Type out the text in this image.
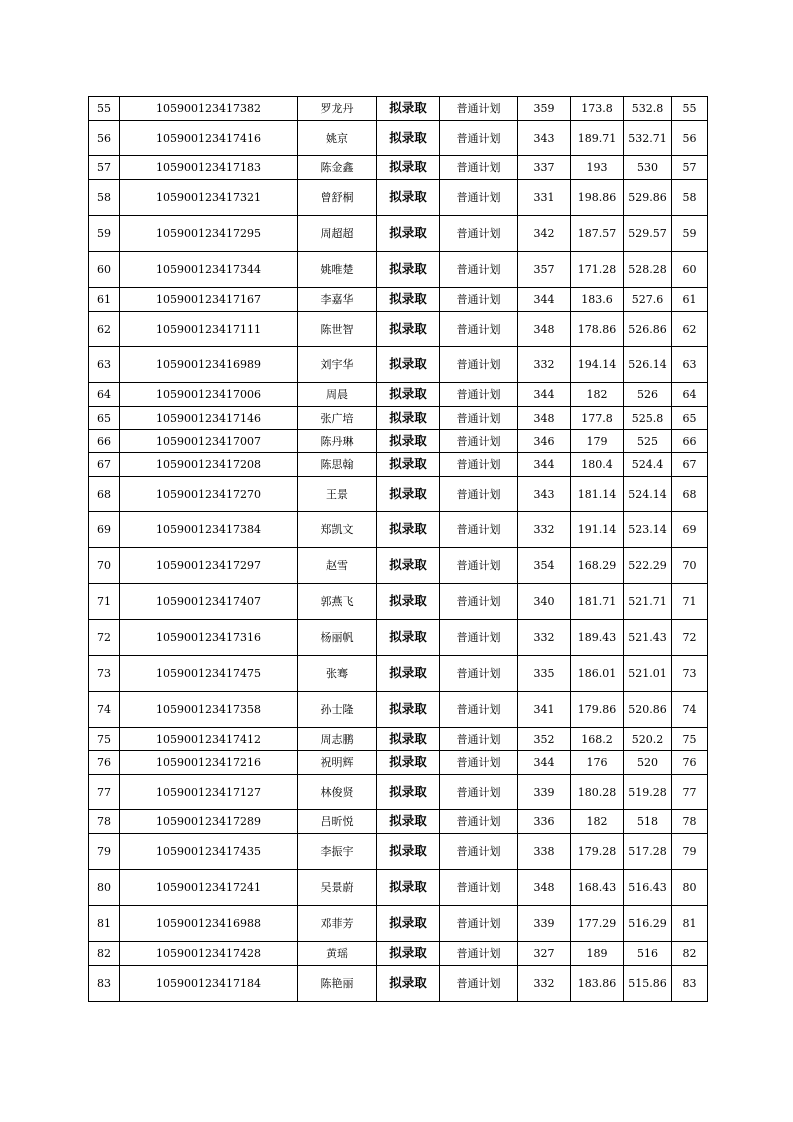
55	105900123417382	罗龙丹	拟录取	普通计划	359	173.8	532.8	55
56	105900123417416	姚京	拟录取	普通计划	343	189.71	532.71	56
57	105900123417183	陈金鑫	拟录取	普通计划	337	193	530	57
58	105900123417321	曾舒桐	拟录取	普通计划	331	198.86	529.86	58
59	105900123417295	周超超	拟录取	普通计划	342	187.57	529.57	59
60	105900123417344	姚唯楚	拟录取	普通计划	357	171.28	528.28	60
61	105900123417167	李嘉华	拟录取	普通计划	344	183.6	527.6	61
62	105900123417111	陈世智	拟录取	普通计划	348	178.86	526.86	62
63	105900123416989	刘宇华	拟录取	普通计划	332	194.14	526.14	63
64	105900123417006	周晨	拟录取	普通计划	344	182	526	64
65	105900123417146	张广培	拟录取	普通计划	348	177.8	525.8	65
66	105900123417007	陈丹琳	拟录取	普通计划	346	179	525	66
67	105900123417208	陈思翰	拟录取	普通计划	344	180.4	524.4	67
68	105900123417270	王景	拟录取	普通计划	343	181.14	524.14	68
69	105900123417384	郑凯文	拟录取	普通计划	332	191.14	523.14	69
70	105900123417297	赵雪	拟录取	普通计划	354	168.29	522.29	70
71	105900123417407	郭燕飞	拟录取	普通计划	340	181.71	521.71	71
72	105900123417316	杨丽帆	拟录取	普通计划	332	189.43	521.43	72
73	105900123417475	张骞	拟录取	普通计划	335	186.01	521.01	73
74	105900123417358	孙士隆	拟录取	普通计划	341	179.86	520.86	74
75	105900123417412	周志鹏	拟录取	普通计划	352	168.2	520.2	75
76	105900123417216	祝明辉	拟录取	普通计划	344	176	520	76
77	105900123417127	林俊贤	拟录取	普通计划	339	180.28	519.28	77
78	105900123417289	吕昕悦	拟录取	普通计划	336	182	518	78
79	105900123417435	李振宇	拟录取	普通计划	338	179.28	517.28	79
80	105900123417241	吴景蔚	拟录取	普通计划	348	168.43	516.43	80
81	105900123416988	邓菲芳	拟录取	普通计划	339	177.29	516.29	81
82	105900123417428	黄瑶	拟录取	普通计划	327	189	516	82
83	105900123417184	陈艳丽	拟录取	普通计划	332	183.86	515.86	83
